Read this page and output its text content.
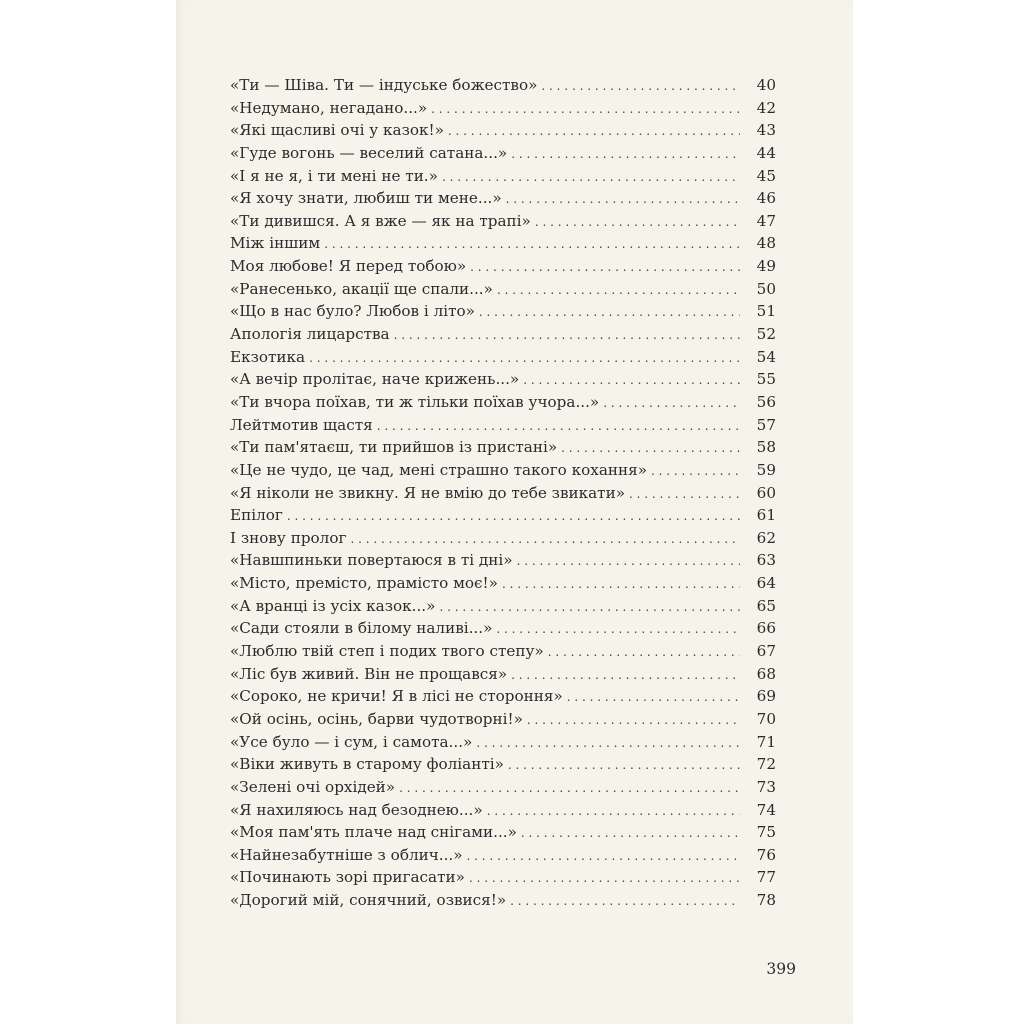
«Ти — Шіва. Ти — індуське божество» . . .	40
«Недумано, негадано...» . . .	42
«Які щасливі очі у казок!» . . .	43
«Гуде вогонь — веселий сатана...» . . .	44
«І я не я, і ти мені не ти.» . . .	45
«Я хочу знати, любиш ти мене...» . . .	46
«Ти дивишся. А я вже — як на трапі» . . .	47
Між іншим . . .	48
Моя любове! Я перед тобою» . . .	49
«Ранесенько, акації ще спали...» . . .	50
«Що в нас було? Любов і літо» . . .	51
Апологія лицарства . . .	52
Екзотика . . .	54
«А вечір пролітає, наче крижень...» . . .	55
«Ти вчора поїхав, ти ж тільки поїхав учора...» . . .	56
Лейтмотив щастя . . .	57
«Ти пам'ятаєш, ти прийшов із пристані» . . .	58
«Це не чудо, це чад, мені страшно такого кохання» . . .	59
«Я ніколи не звикну. Я не вмію до тебе звикати» . . .	60
Епілог . . .	61
І знову пролог . . .	62
«Навшпиньки повертаюся в ті дні» . . .	63
«Місто, премісто, прамісто моє!» . . .	64
«А вранці із усіх казок...» . . .	65
«Сади стояли в білому наливі...» . . .	66
«Люблю твій степ і подих твого степу» . . .	67
«Ліс був живий. Він не прощався» . . .	68
«Сороко, не кричи! Я в лісі не стороння» . . .	69
«Ой осінь, осінь, барви чудотворні!» . . .	70
«Усе було — і сум, і самота...» . . .	71
«Віки живуть в старому фоліанті» . . .	72
«Зелені очі орхідей» . . .	73
«Я нахиляюсь над безоднею...» . . .	74
«Моя пам'ять плаче над снігами...» . . .	75
«Найнезабутніше з облич...» . . .	76
«Починають зорі пригасати» . . .	77
«Дорогий мій, сонячний, озвися!» . . .	78
399
